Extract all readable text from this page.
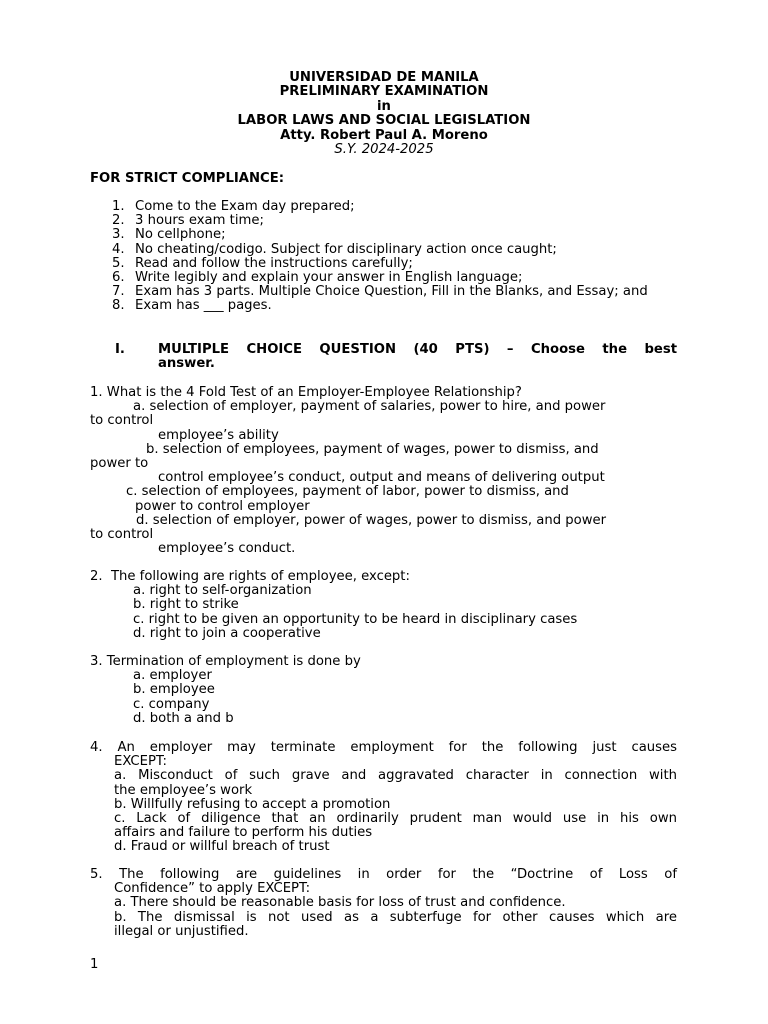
UNIVERSIDAD DE MANILA
PRELIMINARY EXAMINATION
in
LABOR LAWS AND SOCIAL LEGISLATION
Atty. Robert Paul A. Moreno
S.Y. 2024-2025
FOR STRICT COMPLIANCE:
1. Come to the Exam day prepared;
2. 3 hours exam time;
3. No cellphone;
4. No cheating/codigo. Subject for disciplinary action once caught;
5. Read and follow the instructions carefully;
6. Write legibly and explain your answer in English language;
7. Exam has 3 parts. Multiple Choice Question, Fill in the Blanks, and Essay; and
8. Exam has ___ pages.
I.	MULTIPLE CHOICE QUESTION (40 PTS) – Choose the best
answer.
1. What is the 4 Fold Test of an Employer-Employee Relationship?
a. selection of employer, payment of salaries, power to hire, and power
to control
employee’s ability
b. selection of employees, payment of wages, power to dismiss, and
power to
control employee’s conduct, output and means of delivering output
c. selection of employees, payment of labor, power to dismiss, and
power to control employer
d. selection of employer, power of wages, power to dismiss, and power
to control
employee’s conduct.
2.  The following are rights of employee, except:
a. right to self-organization
b. right to strike
c. right to be given an opportunity to be heard in disciplinary cases
d. right to join a cooperative
3. Termination of employment is done by
a. employer
b. employee
c. company
d. both a and b
4. An employer may terminate employment for the following just causes
EXCEPT:
a. Misconduct of such grave and aggravated character in connection with
the employee’s work
b. Willfully refusing to accept a promotion
c. Lack of diligence that an ordinarily prudent man would use in his own
affairs and failure to perform his duties
d. Fraud or willful breach of trust
5. The following are guidelines in order for the “Doctrine of Loss of
Confidence” to apply EXCEPT:
a. There should be reasonable basis for loss of trust and confidence.
b. The dismissal is not used as a subterfuge for other causes which are
illegal or unjustified.
1
